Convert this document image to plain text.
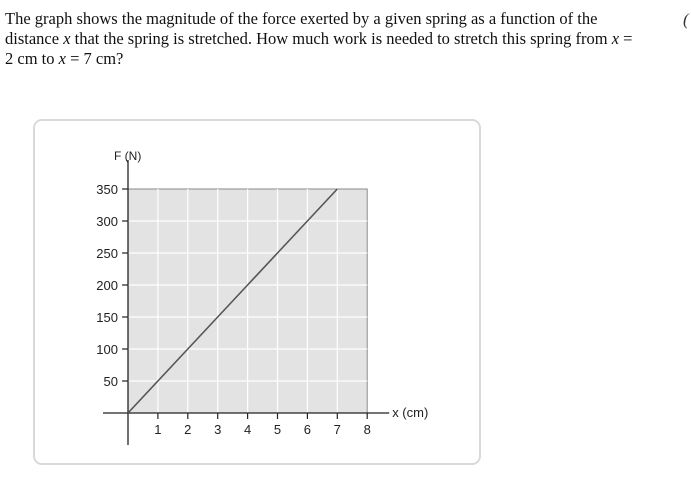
The graph shows the magnitude of the force exerted by a given spring as a function of the
distance x that the spring is stretched. How much work is needed to stretch this spring from x =
2 cm to x = 7 cm?
(
50
100
150
200
250
300
350
1 2 3 4 5 6 7 8
F (N)
x (cm)
